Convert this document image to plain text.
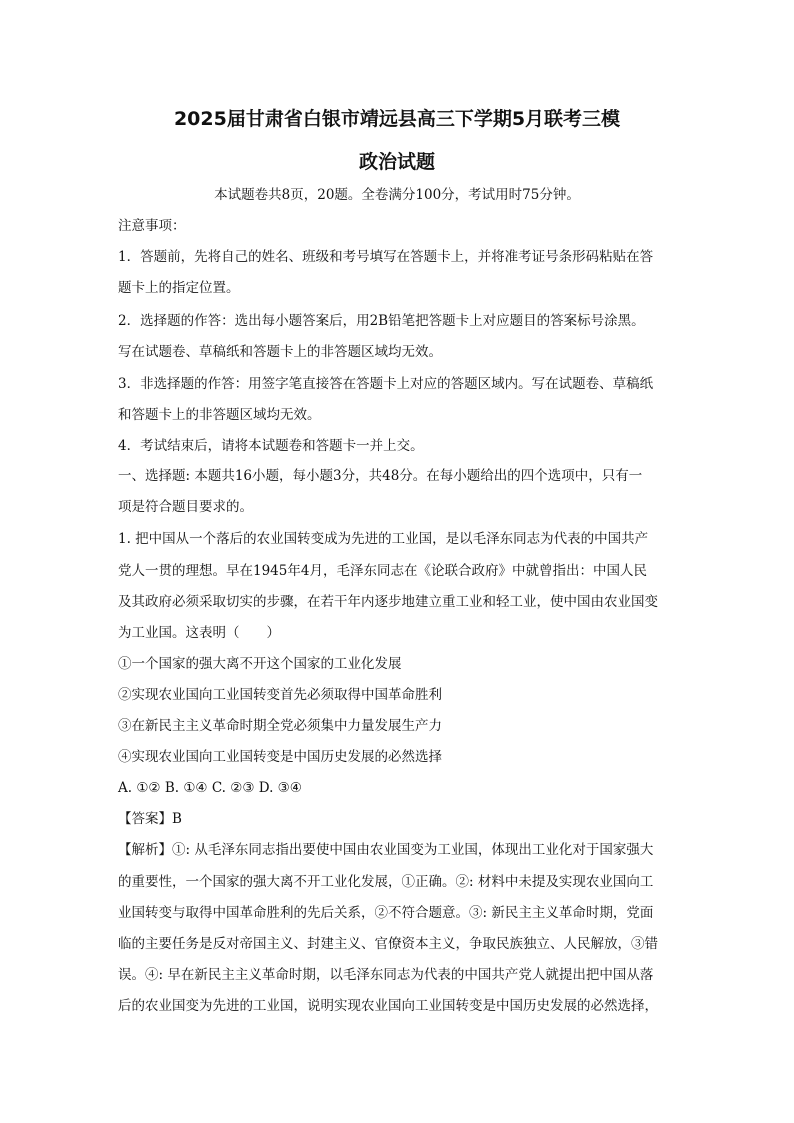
2025届甘肃省白银市靖远县高三下学期5月联考三模
政治试题
本试题卷共8页，20题。全卷满分100分，考试用时75分钟。
注意事项：
1．答题前，先将自己的姓名、班级和考号填写在答题卡上，并将准考证号条形码粘贴在答
题卡上的指定位置。
2．选择题的作答：选出每小题答案后，用2B铅笔把答题卡上对应题目的答案标号涂黑。
写在试题卷、草稿纸和答题卡上的非答题区域均无效。
3．非选择题的作答：用签字笔直接答在答题卡上对应的答题区域内。写在试题卷、草稿纸
和答题卡上的非答题区域均无效。
4．考试结束后，请将本试题卷和答题卡一并上交。
一、选择题: 本题共16小题，每小题3分，共48分。在每小题给出的四个选项中，只有一
项是符合题目要求的。
1. 把中国从一个落后的农业国转变成为先进的工业国，是以毛泽东同志为代表的中国共产
党人一贯的理想。早在1945年4月，毛泽东同志在《论联合政府》中就曾指出：中国人民
及其政府必须采取切实的步骤，在若干年内逐步地建立重工业和轻工业，使中国由农业国变
为工业国。这表明（　　）
①一个国家的强大离不开这个国家的工业化发展
②实现农业国向工业国转变首先必须取得中国革命胜利
③在新民主主义革命时期全党必须集中力量发展生产力
④实现农业国向工业国转变是中国历史发展的必然选择
A. ①② B. ①④ C. ②③ D. ③④
【答案】B
【解析】①: 从毛泽东同志指出要使中国由农业国变为工业国，体现出工业化对于国家强大
的重要性，一个国家的强大离不开工业化发展，①正确。②: 材料中未提及实现农业国向工
业国转变与取得中国革命胜利的先后关系，②不符合题意。③: 新民主主义革命时期，党面
临的主要任务是反对帝国主义、封建主义、官僚资本主义，争取民族独立、人民解放，③错
误。④: 早在新民主主义革命时期，以毛泽东同志为代表的中国共产党人就提出把中国从落
后的农业国变为先进的工业国，说明实现农业国向工业国转变是中国历史发展的必然选择，
